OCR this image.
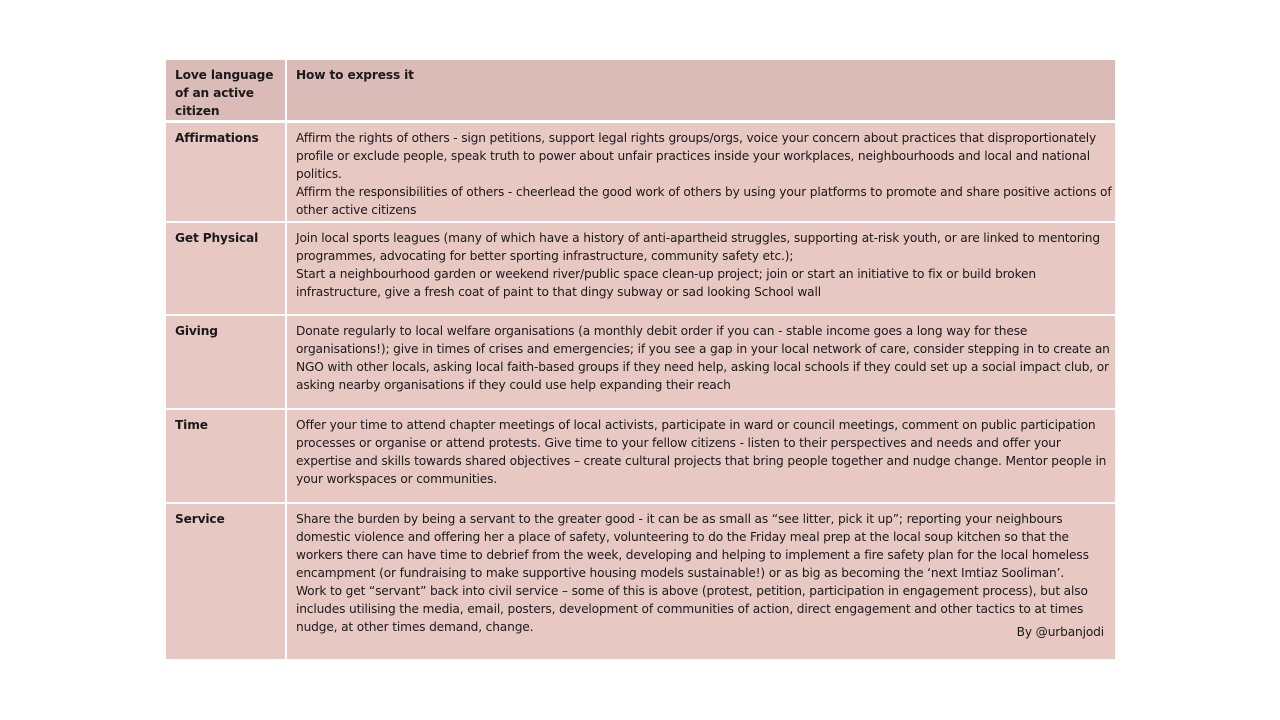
Love language of an active citizen	How to express it
Affirmations	Affirm the rights of others - sign petitions, support legal rights groups/orgs, voice your concern about practices that disproportionately profile or exclude people, speak truth to power about unfair practices inside your workplaces, neighbourhoods and local and national politics.
Affirm the responsibilities of others - cheerlead the good work of others by using your platforms to promote and share positive actions of other active citizens

Get Physical	Join local sports leagues (many of which have a history of anti-apartheid struggles, supporting at-risk youth, or are linked to mentoring programmes, advocating for better sporting infrastructure, community safety etc.);
Start a neighbourhood garden or weekend river/public space clean-up project; join or start an initiative to fix or build broken infrastructure, give a fresh coat of paint to that dingy subway or sad looking School wall

Giving	Donate regularly to local welfare organisations (a monthly debit order if you can - stable income goes a long way for these organisations!); give in times of crises and emergencies; if you see a gap in your local network of care, consider stepping in to create an NGO with other locals, asking local faith-based groups if they need help, asking local schools if they could set up a social impact club, or asking nearby organisations if they could use help expanding their reach

Time	Offer your time to attend chapter meetings of local activists, participate in ward or council meetings, comment on public participation processes or organise or attend protests. Give time to your fellow citizens - listen to their perspectives and needs and offer your expertise and skills towards shared objectives – create cultural projects that bring people together and nudge change. Mentor people in your workspaces or communities.

Service	Share the burden by being a servant to the greater good - it can be as small as “see litter, pick it up”; reporting your neighbours domestic violence and offering her a place of safety, volunteering to do the Friday meal prep at the local soup kitchen so that the workers there can have time to debrief from the week, developing and helping to implement a fire safety plan for the local homeless encampment (or fundraising to make supportive housing models sustainable!) or as big as becoming the ‘next Imtiaz Sooliman’.
Work to get “servant” back into civil service – some of this is above (protest, petition, participation in engagement process), but also includes utilising the media, email, posters, development of communities of action, direct engagement and other tactics to at times nudge, at other times demand, change. By @urbanjodi
